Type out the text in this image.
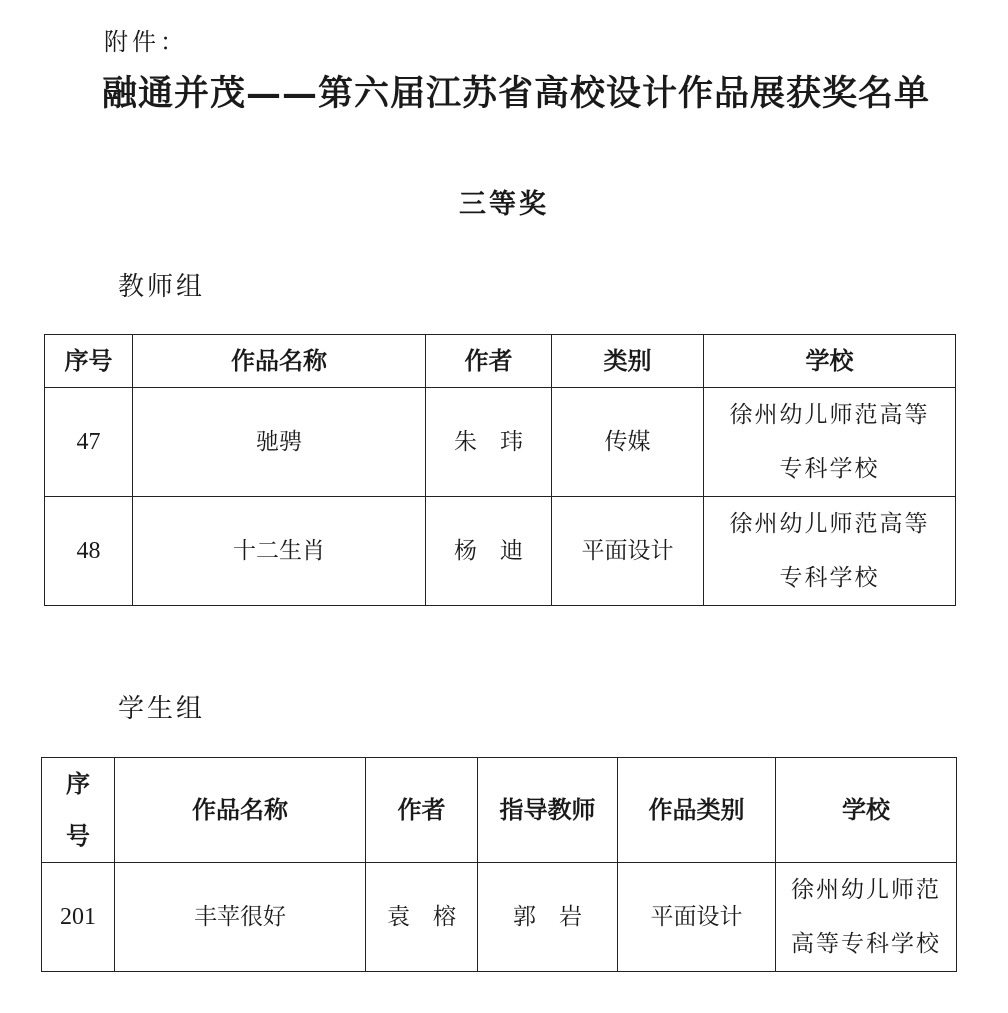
附件：
融通并茂——第六届江苏省高校设计作品展获奖名单
三等奖
教师组
序号	作品名称	作者	类别	学校
47	驰骋	朱　玮	传媒	徐州幼儿师范高等
专科学校
48	十二生肖	杨　迪	平面设计	徐州幼儿师范高等
专科学校
学生组
序
号	作品名称	作者	指导教师	作品类别	学校
201	丰苹很好	袁　榕	郭　岩	平面设计	徐州幼儿师范
高等专科学校
